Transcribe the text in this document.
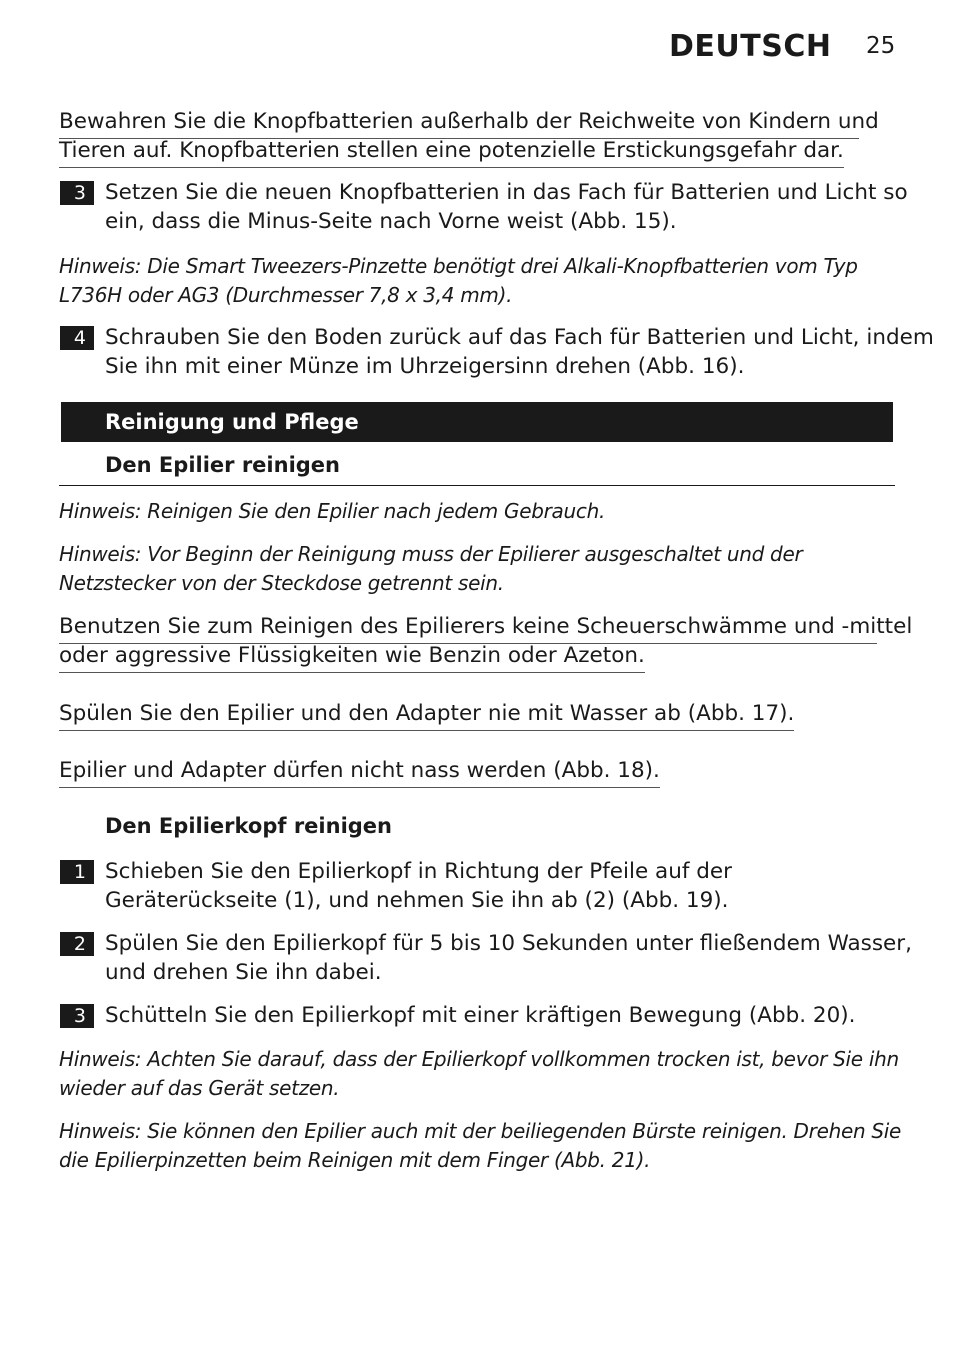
DEUTSCH 25
Bewahren Sie die Knopfbatterien außerhalb der Reichweite von Kindern und
Tieren auf. Knopfbatterien stellen eine potenzielle Erstickungsgefahr dar.
3 Setzen Sie die neuen Knopfbatterien in das Fach für Batterien und Licht so
ein, dass die Minus-Seite nach Vorne weist (Abb. 15).
Hinweis: Die Smart Tweezers-Pinzette benötigt drei Alkali-Knopfbatterien vom Typ
L736H oder AG3 (Durchmesser 7,8 x 3,4 mm).
4 Schrauben Sie den Boden zurück auf das Fach für Batterien und Licht, indem
Sie ihn mit einer Münze im Uhrzeigersinn drehen (Abb. 16).
Reinigung und Pflege
Den Epilier reinigen
Hinweis: Reinigen Sie den Epilier nach jedem Gebrauch.
Hinweis: Vor Beginn der Reinigung muss der Epilierer ausgeschaltet und der
Netzstecker von der Steckdose getrennt sein.
Benutzen Sie zum Reinigen des Epilierers keine Scheuerschwämme und -mittel
oder aggressive Flüssigkeiten wie Benzin oder Azeton.
Spülen Sie den Epilier und den Adapter nie mit Wasser ab (Abb. 17).
Epilier und Adapter dürfen nicht nass werden (Abb. 18).
Den Epilierkopf reinigen
1 Schieben Sie den Epilierkopf in Richtung der Pfeile auf der
Geräterückseite (1), und nehmen Sie ihn ab (2) (Abb. 19).
2 Spülen Sie den Epilierkopf für 5 bis 10 Sekunden unter fließendem Wasser,
und drehen Sie ihn dabei.
3 Schütteln Sie den Epilierkopf mit einer kräftigen Bewegung (Abb. 20).
Hinweis: Achten Sie darauf, dass der Epilierkopf vollkommen trocken ist, bevor Sie ihn
wieder auf das Gerät setzen.
Hinweis: Sie können den Epilier auch mit der beiliegenden Bürste reinigen. Drehen Sie
die Epilierpinzetten beim Reinigen mit dem Finger (Abb. 21).
